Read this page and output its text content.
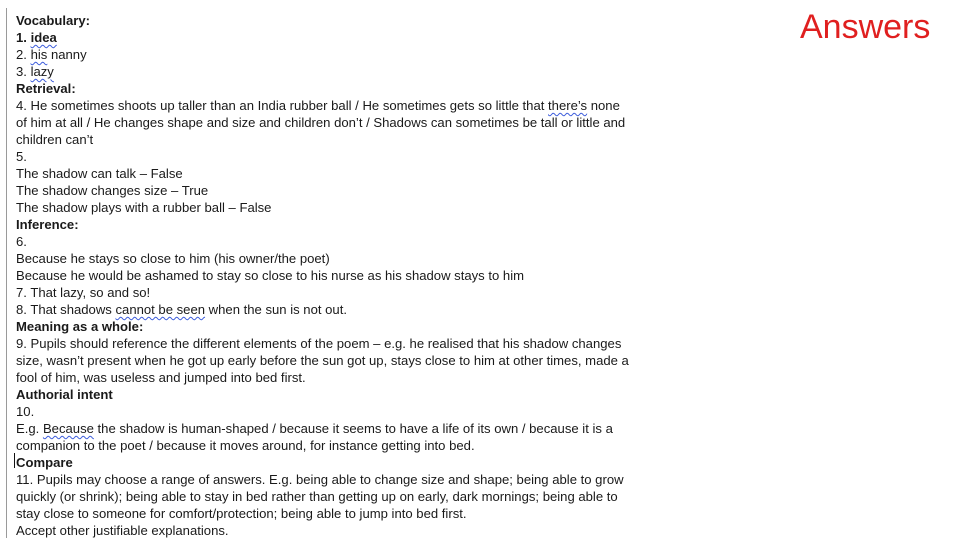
Answers
Vocabulary:
1. idea
2. his nanny
3. lazy
Retrieval:
4. He sometimes shoots up taller than an India rubber ball / He sometimes gets so little that there’s none
of him at all / He changes shape and size and children don’t / Shadows can sometimes be tall or little and
children can’t
5.
The shadow can talk – False
The shadow changes size – True
The shadow plays with a rubber ball – False
Inference:
6.
Because he stays so close to him (his owner/the poet)
Because he would be ashamed to stay so close to his nurse as his shadow stays to him
7. That lazy, so and so!
8. That shadows cannot be seen when the sun is not out.
Meaning as a whole:
9. Pupils should reference the different elements of the poem – e.g. he realised that his shadow changes
size, wasn’t present when he got up early before the sun got up, stays close to him at other times, made a
fool of him, was useless and jumped into bed first.
Authorial intent
10.
E.g. Because the shadow is human-shaped / because it seems to have a life of its own / because it is a
companion to the poet / because it moves around, for instance getting into bed.
Compare
11. Pupils may choose a range of answers. E.g. being able to change size and shape; being able to grow
quickly (or shrink); being able to stay in bed rather than getting up on early, dark mornings; being able to
stay close to someone for comfort/protection; being able to jump into bed first.
Accept other justifiable explanations.
